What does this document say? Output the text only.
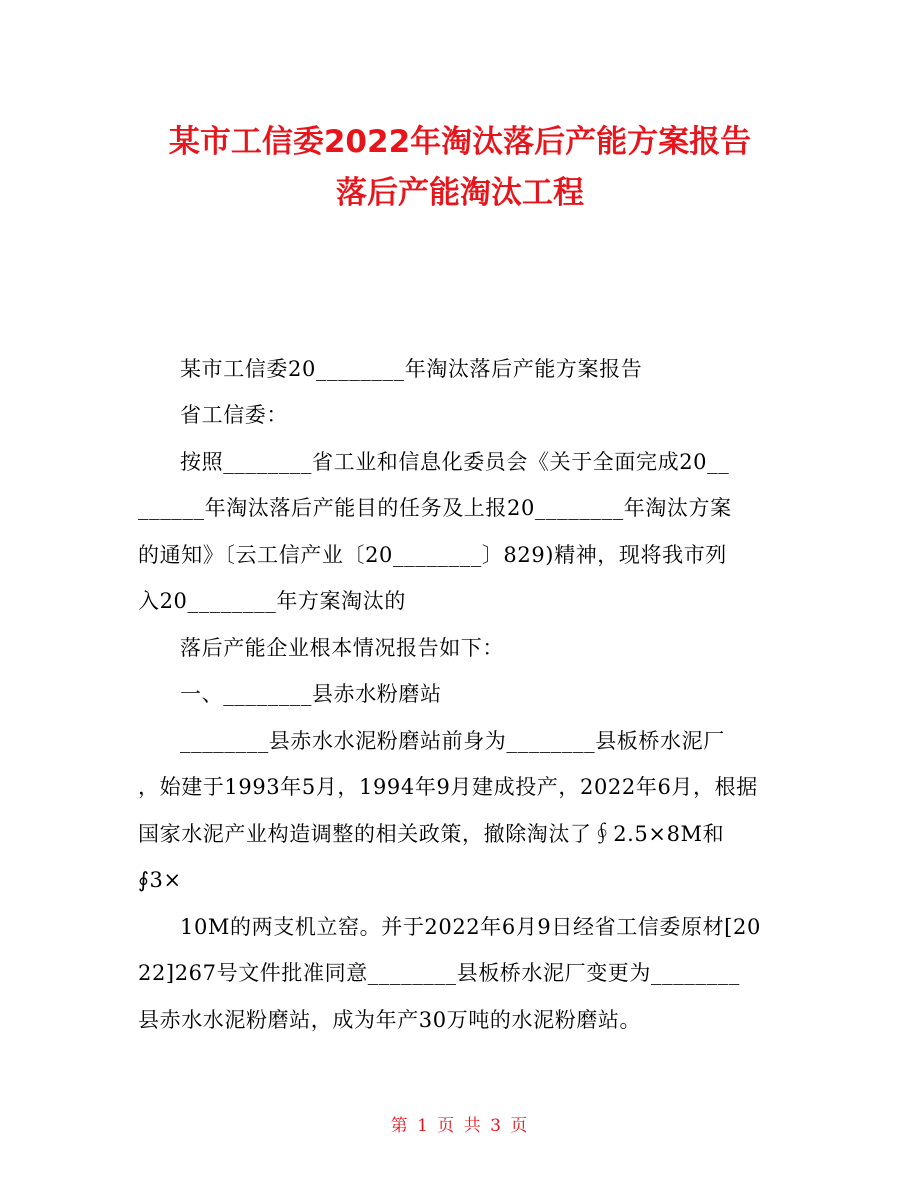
某市工信委2022年淘汰落后产能方案报告
落后产能淘汰工程
某市工信委20________年淘汰落后产能方案报告
省工信委：
按照________省工业和信息化委员会《关于全面完成20__
______年淘汰落后产能目的任务及上报20________年淘汰方案
的通知》〔云工信产业〔20________〕829)精神，现将我市列
入20________年方案淘汰的
落后产能企业根本情况报告如下：
一、________县赤水粉磨站
________县赤水水泥粉磨站前身为________县板桥水泥厂
，始建于1993年5月，1994年9月建成投产，2022年6月，根据
国家水泥产业构造调整的相关政策，撤除淘汰了∮2.5×8M和
∮3×
10M的两支机立窑。并于2022年6月9日经省工信委原材[20
22]267号文件批准同意________县板桥水泥厂变更为________
县赤水水泥粉磨站，成为年产30万吨的水泥粉磨站。
第 1 页 共 3 页
